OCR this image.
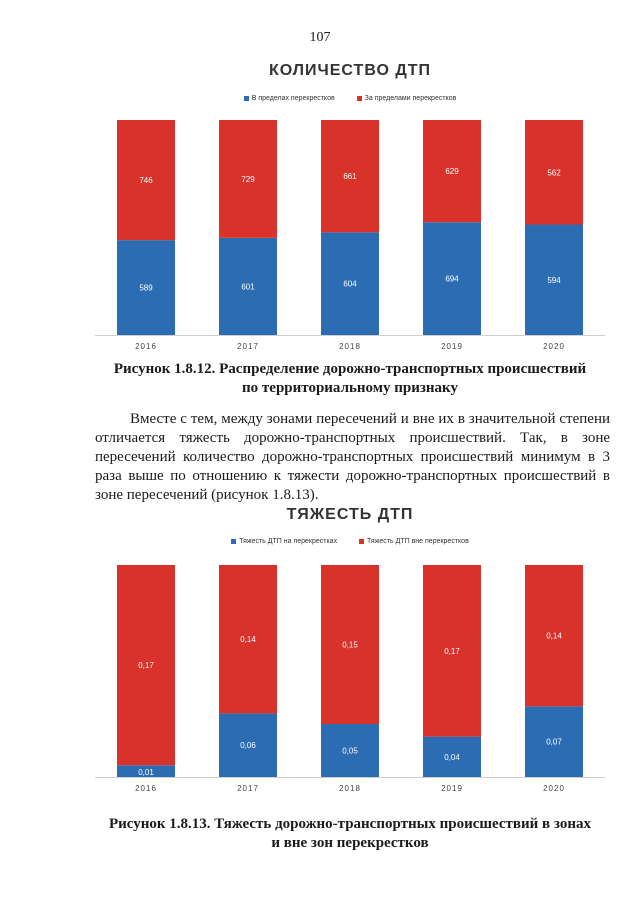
107
КОЛИЧЕСТВО ДТП
В пределах перекрестков	За пределами перекрестков
589
746
2016
601
729
2017
604
661
2018
694
629
2019
594
562
2020
Рисунок 1.8.12. Распределение дорожно-транспортных происшествий
по территориальному признаку
Вместе с тем, между зонами пересечений и вне их в значительной степени отличается тяжесть дорожно-транспортных происшествий. Так, в зоне пересечений количество дорожно-транспортных происшествий минимум в 3 раза выше по отношению к тяжести дорожно-транспортных происшествий в зоне пересечений (рисунок 1.8.13).
ТЯЖЕСТЬ ДТП
Тяжесть ДТП на перекрестках	Тяжесть ДТП вне перекрестков
0,01
0,17
2016
0,06
0,14
2017
0,05
0,15
2018
0,04
0,17
2019
0,07
0,14
2020
Рисунок 1.8.13. Тяжесть дорожно-транспортных происшествий в зонах
и вне зон перекрестков
